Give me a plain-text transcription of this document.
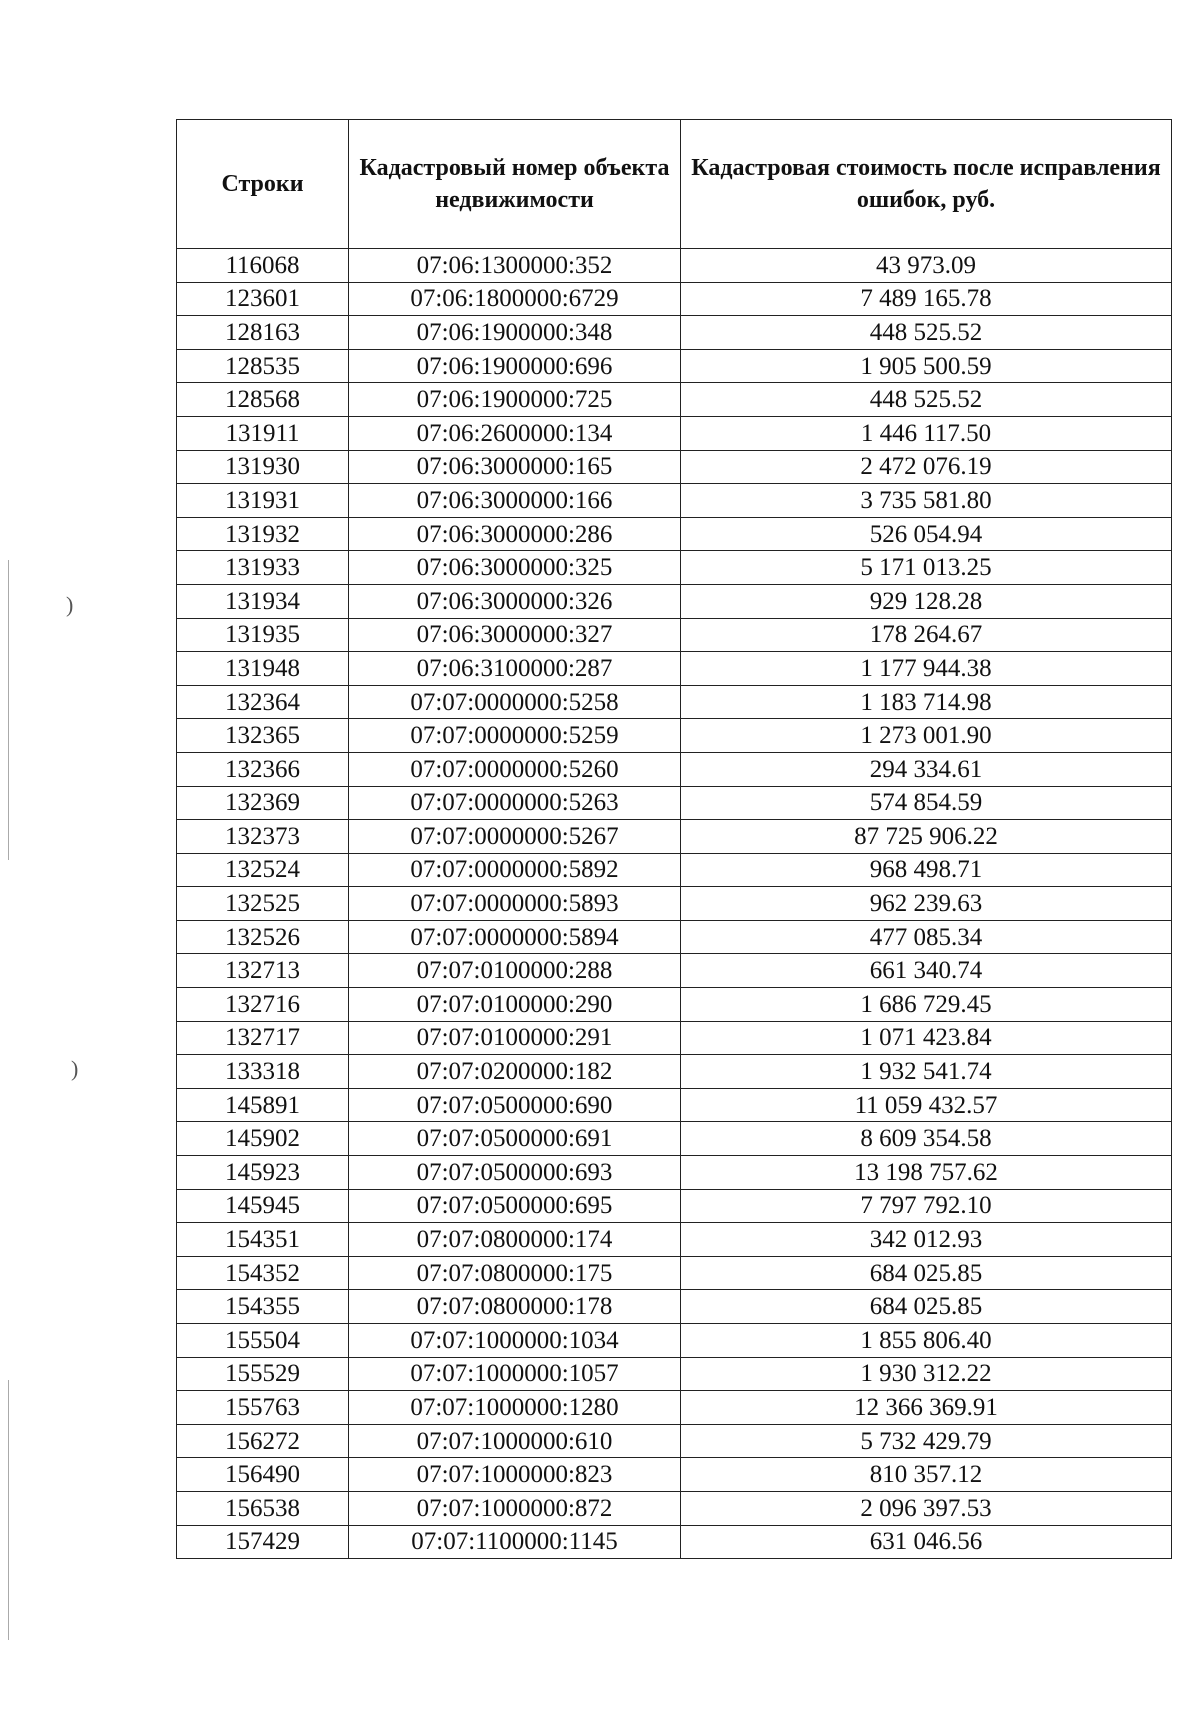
)
)
Строки	Кадастровый номер объекта недвижимости	Кадастровая стоимость после исправления ошибок, руб.
116068	07:06:1300000:352	43 973.09
123601	07:06:1800000:6729	7 489 165.78
128163	07:06:1900000:348	448 525.52
128535	07:06:1900000:696	1 905 500.59
128568	07:06:1900000:725	448 525.52
131911	07:06:2600000:134	1 446 117.50
131930	07:06:3000000:165	2 472 076.19
131931	07:06:3000000:166	3 735 581.80
131932	07:06:3000000:286	526 054.94
131933	07:06:3000000:325	5 171 013.25
131934	07:06:3000000:326	929 128.28
131935	07:06:3000000:327	178 264.67
131948	07:06:3100000:287	1 177 944.38
132364	07:07:0000000:5258	1 183 714.98
132365	07:07:0000000:5259	1 273 001.90
132366	07:07:0000000:5260	294 334.61
132369	07:07:0000000:5263	574 854.59
132373	07:07:0000000:5267	87 725 906.22
132524	07:07:0000000:5892	968 498.71
132525	07:07:0000000:5893	962 239.63
132526	07:07:0000000:5894	477 085.34
132713	07:07:0100000:288	661 340.74
132716	07:07:0100000:290	1 686 729.45
132717	07:07:0100000:291	1 071 423.84
133318	07:07:0200000:182	1 932 541.74
145891	07:07:0500000:690	11 059 432.57
145902	07:07:0500000:691	8 609 354.58
145923	07:07:0500000:693	13 198 757.62
145945	07:07:0500000:695	7 797 792.10
154351	07:07:0800000:174	342 012.93
154352	07:07:0800000:175	684 025.85
154355	07:07:0800000:178	684 025.85
155504	07:07:1000000:1034	1 855 806.40
155529	07:07:1000000:1057	1 930 312.22
155763	07:07:1000000:1280	12 366 369.91
156272	07:07:1000000:610	5 732 429.79
156490	07:07:1000000:823	810 357.12
156538	07:07:1000000:872	2 096 397.53
157429	07:07:1100000:1145	631 046.56
